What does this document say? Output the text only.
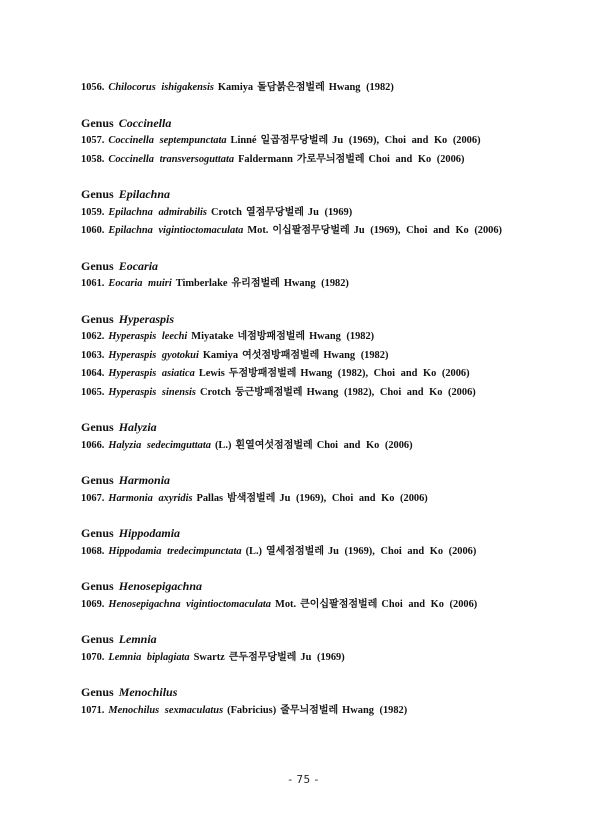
1056. Chilocorus ishigakensis Kamiya 돌담붉은점벌레 Hwang (1982)
Genus Coccinella
1057. Coccinella septempunctata Linné 일곱점무당벌레 Ju (1969), Choi and Ko (2006)
1058. Coccinella transversoguttata Faldermann 가로무늬점벌레 Choi and Ko (2006)
Genus Epilachna
1059. Epilachna admirabilis Crotch 열점무당벌레 Ju (1969)
1060. Epilachna vigintioctomaculata Mot. 이십팔점무당벌레 Ju (1969), Choi and Ko (2006)
Genus Eocaria
1061. Eocaria muiri Timberlake 유리점벌레 Hwang (1982)
Genus Hyperaspis
1062. Hyperaspis leechi Miyatake 네점방패점벌레 Hwang (1982)
1063. Hyperaspis gyotokui Kamiya 여섯점방패점벌레 Hwang (1982)
1064. Hyperaspis asiatica Lewis 두점방패점벌레 Hwang (1982), Choi and Ko (2006)
1065. Hyperaspis sinensis Crotch 둥근방패점벌레 Hwang (1982), Choi and Ko (2006)
Genus Halyzia
1066. Halyzia sedecimguttata (L.) 흰열여섯점점벌레 Choi and Ko (2006)
Genus Harmonia
1067. Harmonia axyridis Pallas 밤색점벌레 Ju (1969), Choi and Ko (2006)
Genus Hippodamia
1068. Hippodamia tredecimpunctata (L.) 열세점점벌레 Ju (1969), Choi and Ko (2006)
Genus Henosepigachna
1069. Henosepigachna vigintioctomaculata Mot. 큰이십팔점점벌레 Choi and Ko (2006)
Genus Lemnia
1070. Lemnia biplagiata Swartz 큰두점무당벌레 Ju (1969)
Genus Menochilus
1071. Menochilus sexmaculatus (Fabricius) 줄무늬점벌레 Hwang (1982)
- 75 -
